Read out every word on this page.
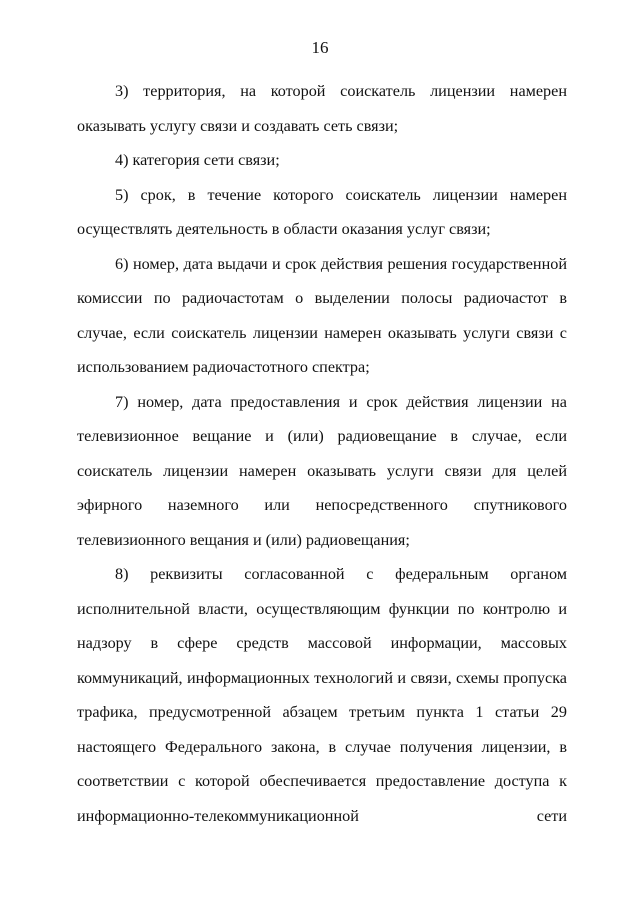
16

3) территория, на которой соискатель лицензии намерен оказывать услугу связи и создавать сеть связи;

4) категория сети связи;

5) срок, в течение которого соискатель лицензии намерен осуществлять деятельность в области оказания услуг связи;

6) номер, дата выдачи и срок действия решения государственной комиссии по радиочастотам о выделении полосы радиочастот в случае, если соискатель лицензии намерен оказывать услуги связи с использованием радиочастотного спектра;

7) номер, дата предоставления и срок действия лицензии на телевизионное вещание и (или) радиовещание в случае, если соискатель лицензии намерен оказывать услуги связи для целей эфирного наземного или непосредственного спутникового телевизионного вещания и (или) радиовещания;

8) реквизиты согласованной с федеральным органом исполнительной власти, осуществляющим функции по контролю и надзору в сфере средств массовой информации, массовых коммуникаций, информационных технологий и связи, схемы пропуска трафика, предусмотренной абзацем третьим пункта 1 статьи 29 настоящего Федерального закона, в случае получения лицензии, в соответствии с которой обеспечивается предоставление доступа к информационно-телекоммуникационной сети
